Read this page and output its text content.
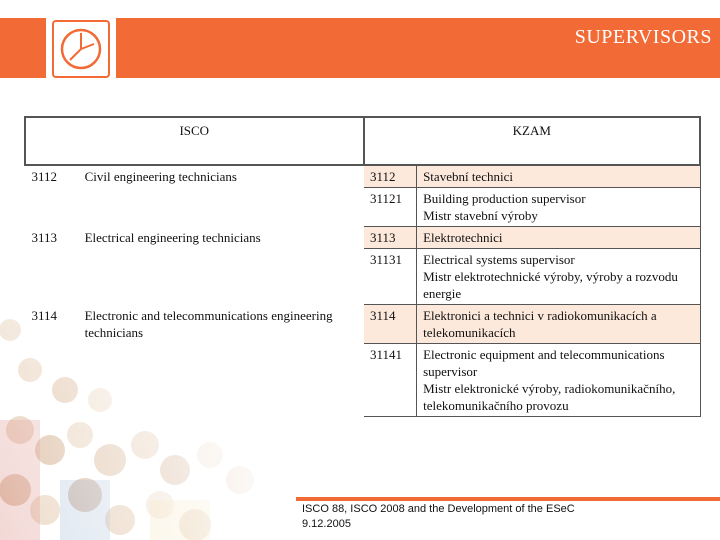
SUPERVISORS
ISCO		KZAM	
3112	Civil engineering technicians	3112	Stavební technici
		31121	Building production supervisor
Mistr stavební výroby
3113	Electrical engineering technicians	3113	Elektrotechnici
		31131	Electrical systems supervisor
Mistr elektrotechnické výroby, výroby a rozvodu energie
3114	Electronic and telecommunications engineering technicians	3114	Elektronici a technici v radiokomunikacích a telekomunikacích
		31141	Electronic equipment and telecommunications supervisor
Mistr elektronické výroby, radiokomunikačního, telekomunikačního provozu
ISCO 88, ISCO 2008 and the Development of the ESeC
9.12.2005
